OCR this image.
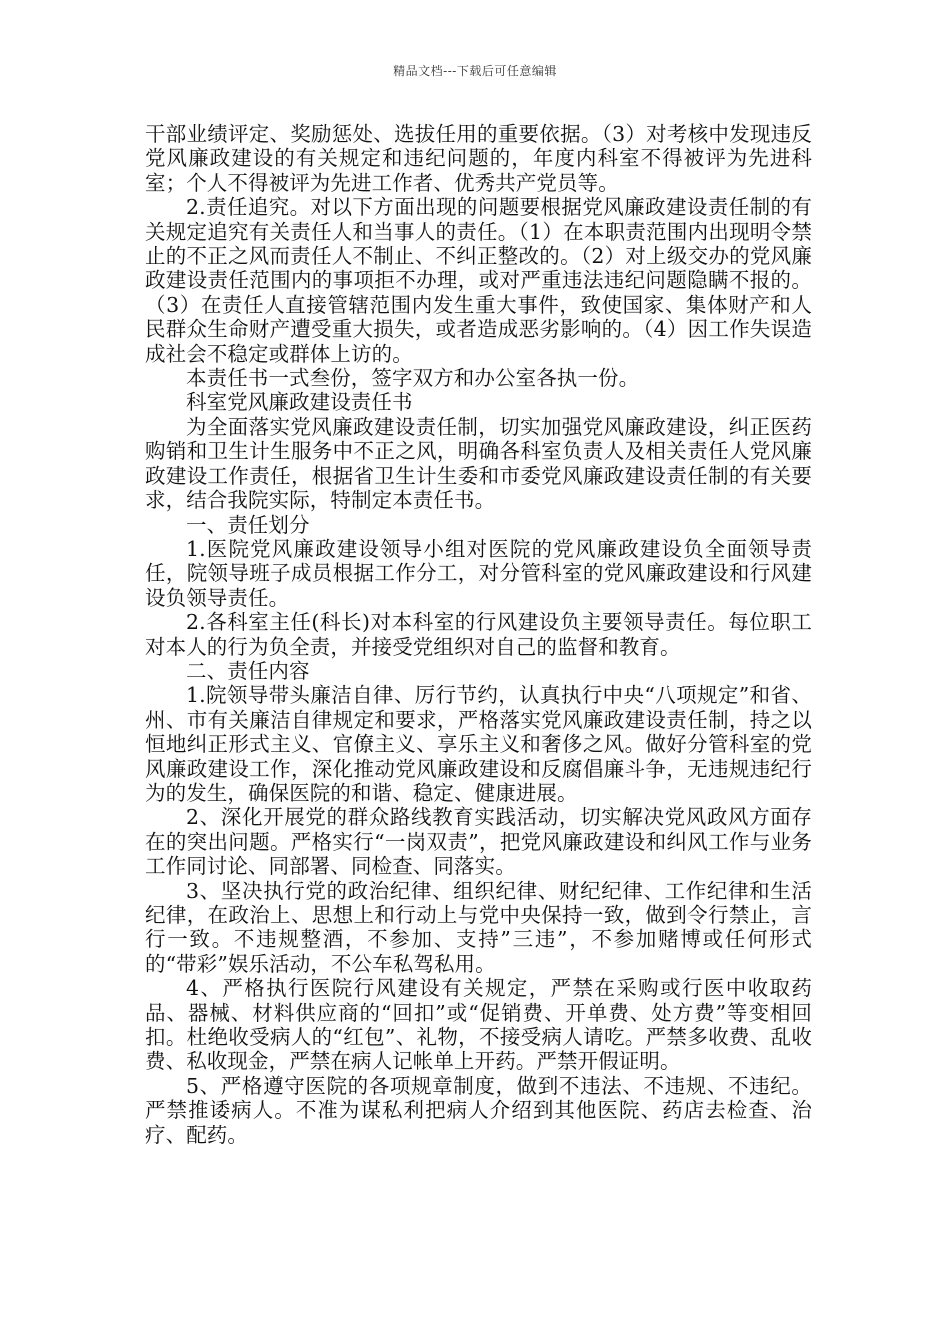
精品文档---下载后可任意编辑

干部业绩评定、奖励惩处、选拔任用的重要依据。（3）对考核中发现违反党风廉政建设的有关规定和违纪问题的，年度内科室不得被评为先进科室；个人不得被评为先进工作者、优秀共产党员等。

2.责任追究。对以下方面出现的问题要根据党风廉政建设责任制的有关规定追究有关责任人和当事人的责任。（1）在本职责范围内出现明令禁止的不正之风而责任人不制止、不纠正整改的。（2）对上级交办的党风廉政建设责任范围内的事项拒不办理，或对严重违法违纪问题隐瞒不报的。（3）在责任人直接管辖范围内发生重大事件，致使国家、集体财产和人民群众生命财产遭受重大损失，或者造成恶劣影响的。（4）因工作失误造成社会不稳定或群体上访的。

本责任书一式叁份，签字双方和办公室各执一份。

科室党风廉政建设责任书

为全面落实党风廉政建设责任制，切实加强党风廉政建设，纠正医药购销和卫生计生服务中不正之风，明确各科室负责人及相关责任人党风廉政建设工作责任，根据省卫生计生委和市委党风廉政建设责任制的有关要求，结合我院实际，特制定本责任书。

一、责任划分

1.医院党风廉政建设领导小组对医院的党风廉政建设负全面领导责任，院领导班子成员根据工作分工，对分管科室的党风廉政建设和行风建设负领导责任。

2.各科室主任(科长)对本科室的行风建设负主要领导责任。每位职工对本人的行为负全责，并接受党组织对自己的监督和教育。

二、责任内容

1.院领导带头廉洁自律、厉行节约，认真执行中央“八项规定”和省、州、市有关廉洁自律规定和要求，严格落实党风廉政建设责任制，持之以恒地纠正形式主义、官僚主义、享乐主义和奢侈之风。做好分管科室的党风廉政建设工作，深化推动党风廉政建设和反腐倡廉斗争，无违规违纪行为的发生，确保医院的和谐、稳定、健康进展。

2、深化开展党的群众路线教育实践活动，切实解决党风政风方面存在的突出问题。严格实行“一岗双责”，把党风廉政建设和纠风工作与业务工作同讨论、同部署、同检查、同落实。

3、坚决执行党的政治纪律、组织纪律、财纪纪律、工作纪律和生活纪律，在政治上、思想上和行动上与党中央保持一致，做到令行禁止，言行一致。不违规整酒，不参加、支持”三违”，不参加赌博或任何形式的“带彩”娱乐活动，不公车私驾私用。

4、严格执行医院行风建设有关规定，严禁在采购或行医中收取药品、器械、材料供应商的“回扣”或“促销费、开单费、处方费”等变相回扣。杜绝收受病人的“红包”、礼物，不接受病人请吃。严禁多收费、乱收费、私收现金，严禁在病人记帐单上开药。严禁开假证明。

5、严格遵守医院的各项规章制度，做到不违法、不违规、不违纪。严禁推诿病人。不准为谋私利把病人介绍到其他医院、药店去检查、治疗、配药。
